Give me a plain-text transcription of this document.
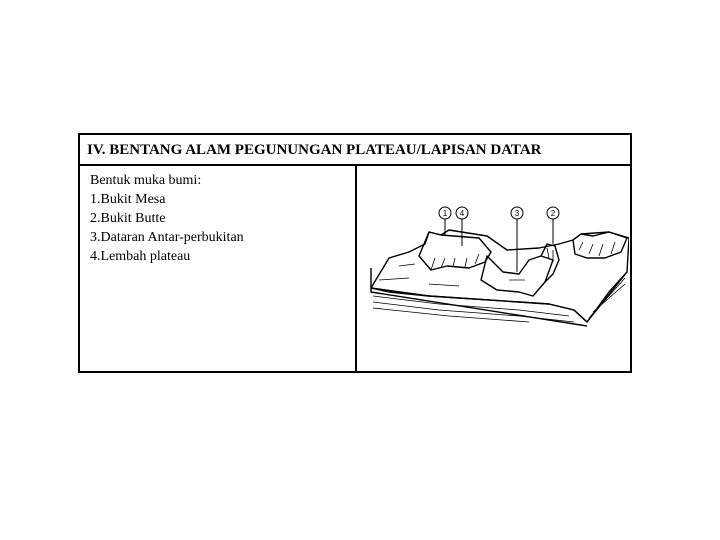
IV. BENTANG ALAM PEGUNUNGAN PLATEAU/LAPISAN DATAR
Bentuk muka bumi:
1.Bukit Mesa
2.Bukit Butte
3.Dataran Antar-perbukitan
4.Lembah plateau
1 4	3	2
